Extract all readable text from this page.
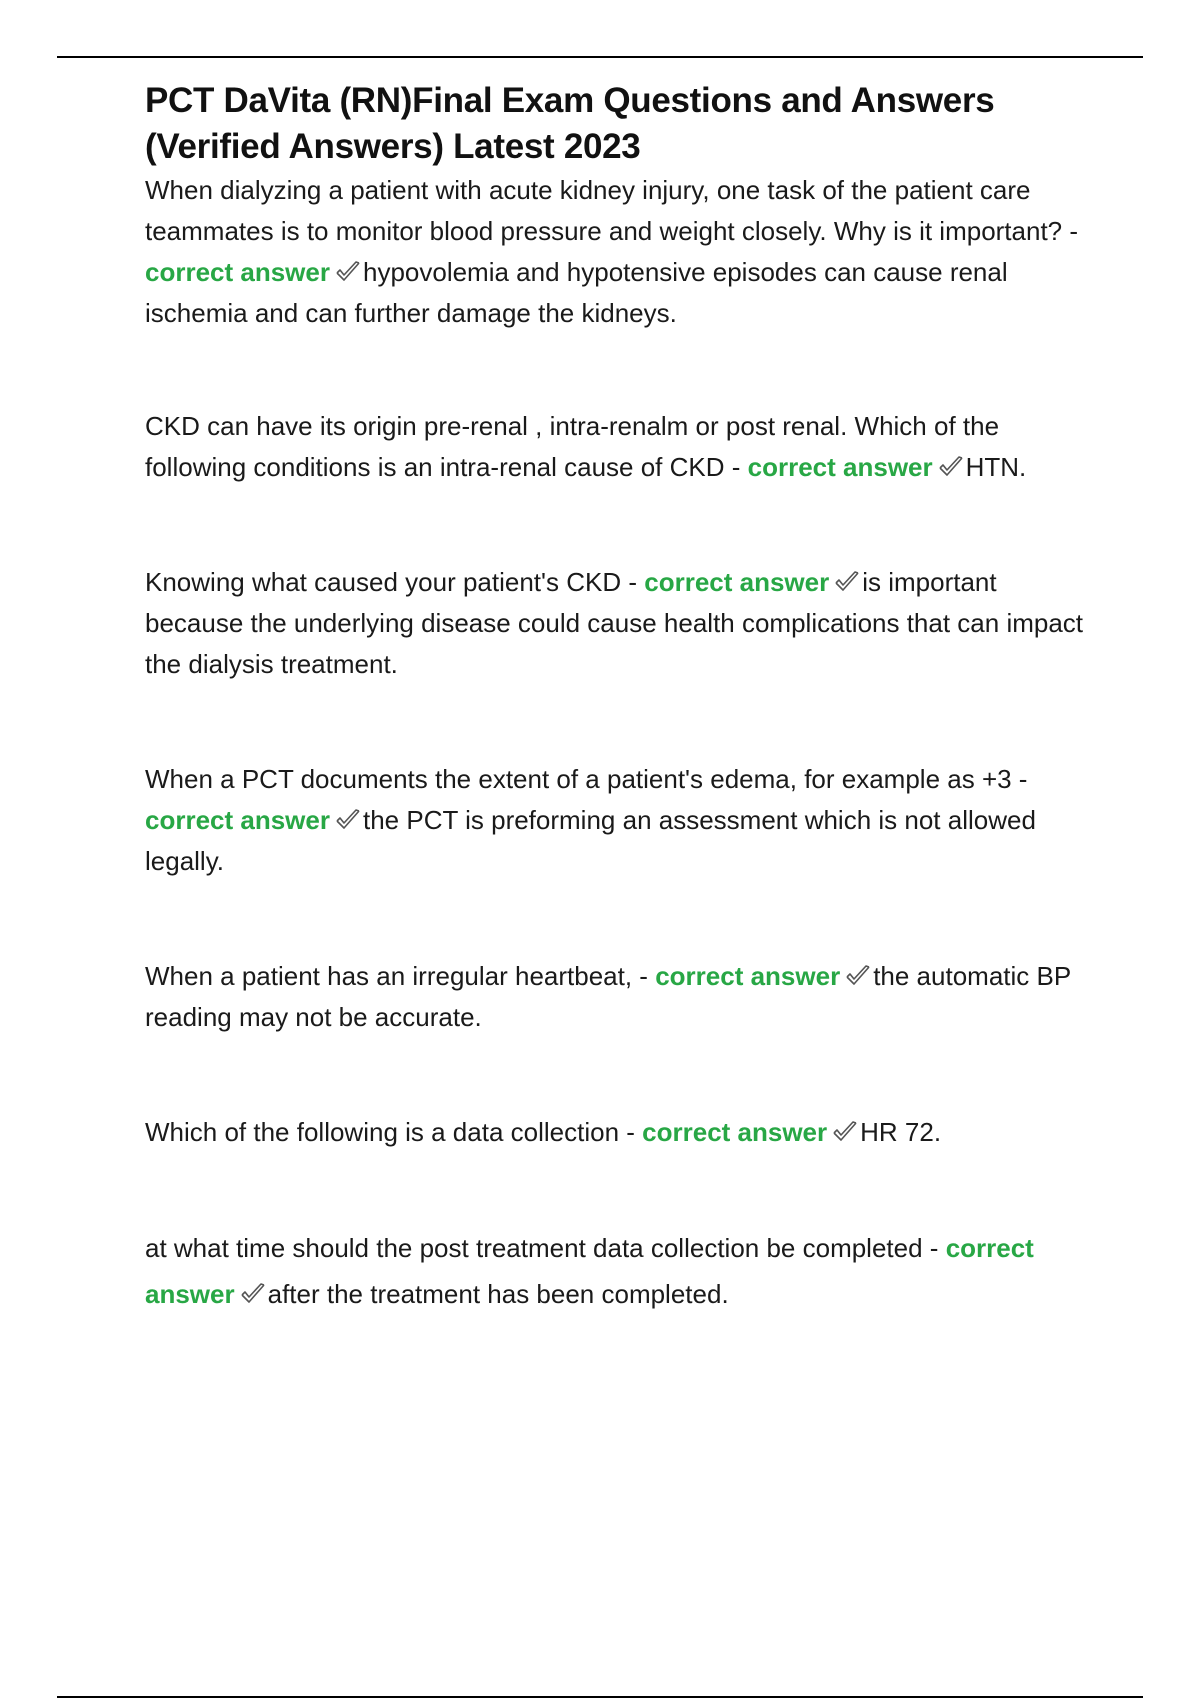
PCT DaVita (RN)Final Exam Questions and Answers (Verified Answers) Latest 2023

When dialyzing a patient with acute kidney injury, one task of the patient care teammates is to monitor blood pressure and weight closely. Why is it important? - correct answer hypovolemia and hypotensive episodes can cause renal ischemia and can further damage the kidneys.

CKD can have its origin pre-renal , intra-renalm or post renal. Which of the following conditions is an intra-renal cause of CKD - correct answer HTN.

Knowing what caused your patient's CKD - correct answer is important because the underlying disease could cause health complications that can impact the dialysis treatment.

When a PCT documents the extent of a patient's edema, for example as +3 - correct answer the PCT is preforming an assessment which is not allowed legally.

When a patient has an irregular heartbeat, - correct answer the automatic BP reading may not be accurate.

Which of the following is a data collection - correct answer HR 72.

at what time should the post treatment data collection be completed - correct answer after the treatment has been completed.
